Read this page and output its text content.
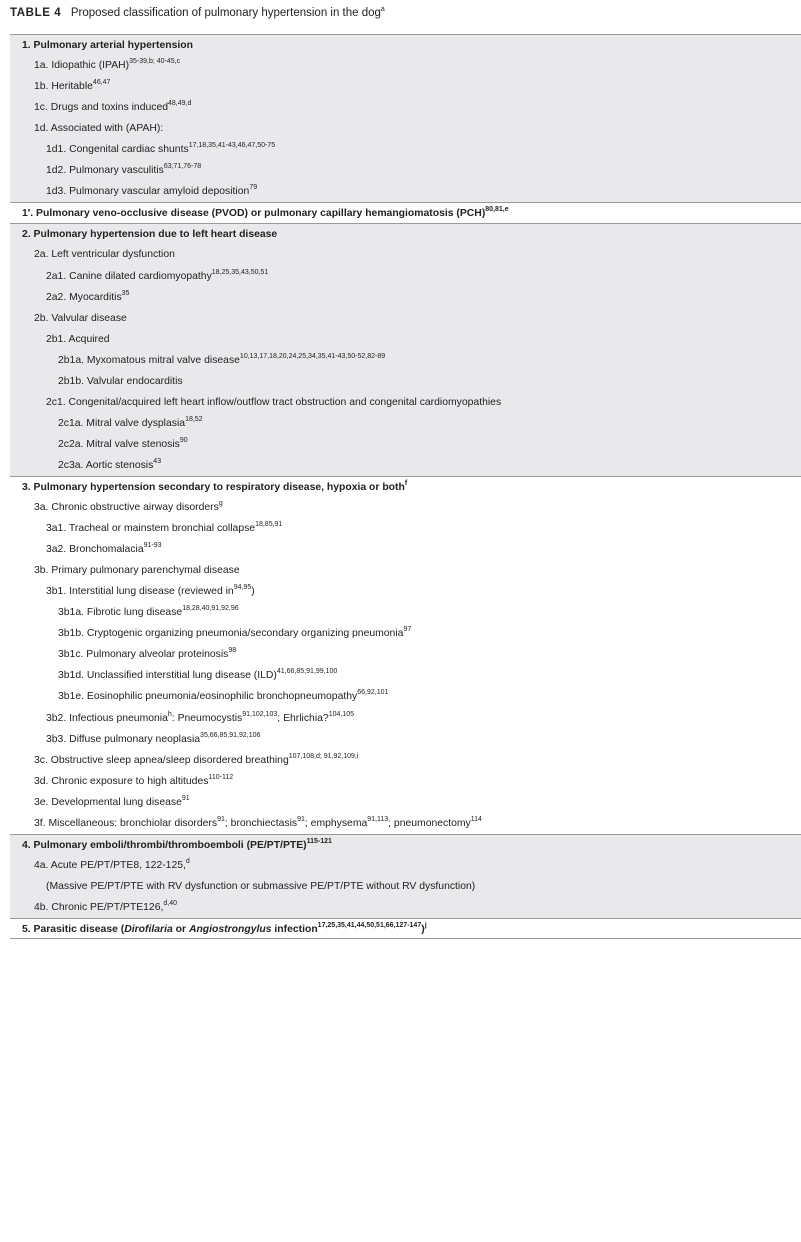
TABLE 4 Proposed classification of pulmonary hypertension in the dog$^a$
1. Pulmonary arterial hypertension
1a. Idiopathic (IPAH)$^{35-39,b; 40-45,c}$
1b. Heritable$^{46,47}$
1c. Drugs and toxins induced$^{48,49,d}$
1d. Associated with (APAH):
1d1. Congenital cardiac shunts$^{17,18,35,41-43,46,47,50-75}$
1d2. Pulmonary vasculitis$^{63,71,76-78}$
1d3. Pulmonary vascular amyloid deposition$^{79}$
1′. Pulmonary veno-occlusive disease (PVOD) or pulmonary capillary hemangiomatosis (PCH)$^{80,81,e}$
2. Pulmonary hypertension due to left heart disease
2a. Left ventricular dysfunction
2a1. Canine dilated cardiomyopathy$^{18,25,35,43,50,51}$
2a2. Myocarditis$^{35}$
2b. Valvular disease
2b1. Acquired
2b1a. Myxomatous mitral valve disease$^{10,13,17,18,20,24,25,34,35,41-43,50-52,82-89}$
2b1b. Valvular endocarditis
2c1. Congenital/acquired left heart inflow/outflow tract obstruction and congenital cardiomyopathies
2c1a. Mitral valve dysplasia$^{18,52}$
2c2a. Mitral valve stenosis$^{90}$
2c3a. Aortic stenosis$^{43}$
3. Pulmonary hypertension secondary to respiratory disease, hypoxia or both$^f$
3a. Chronic obstructive airway disorders$^g$
3a1. Tracheal or mainstem bronchial collapse$^{18,85,91}$
3a2. Bronchomalacia$^{91-93}$
3b. Primary pulmonary parenchymal disease
3b1. Interstitial lung disease (reviewed in$^{94,95}$)
3b1a. Fibrotic lung disease$^{18,28,40,91,92,96}$
3b1b. Cryptogenic organizing pneumonia/secondary organizing pneumonia$^{97}$
3b1c. Pulmonary alveolar proteinosis$^{98}$
3b1d. Unclassified interstitial lung disease (ILD)$^{41,66,85,91,99,100}$
3b1e. Eosinophilic pneumonia/eosinophilic bronchopneumopathy$^{66,92,101}$
3b2. Infectious pneumonia$^h$: Pneumocystis$^{91,102,103}$; Ehrlichia?$^{104,105}$
3b3. Diffuse pulmonary neoplasia$^{35,66,85,91,92,106}$
3c. Obstructive sleep apnea/sleep disordered breathing$^{107,108,d; 91,92,109,i}$
3d. Chronic exposure to high altitudes$^{110-112}$
3e. Developmental lung disease$^{91}$
3f. Miscellaneous: bronchiolar disorders$^{91}$; bronchiectasis$^{91}$; emphysema$^{91,113}$; pneumonectomy$^{114}$
4. Pulmonary emboli/thrombi/thromboemboli $(PE/PT/PTE)^{115-121}$
4a. Acute PE/PT/PTE8, 122-125,$^d$
(Massive PE/PT/PTE with RV dysfunction or submassive PE/PT/PTE without RV dysfunction)
4b. Chronic PE/PT/PTE126,$^{d,40}$
5. Parasitic disease (Dirofilaria or Angiostrongylus infection$^{17,25,35,41,44,50,51,66,127-147}$)$^j$
